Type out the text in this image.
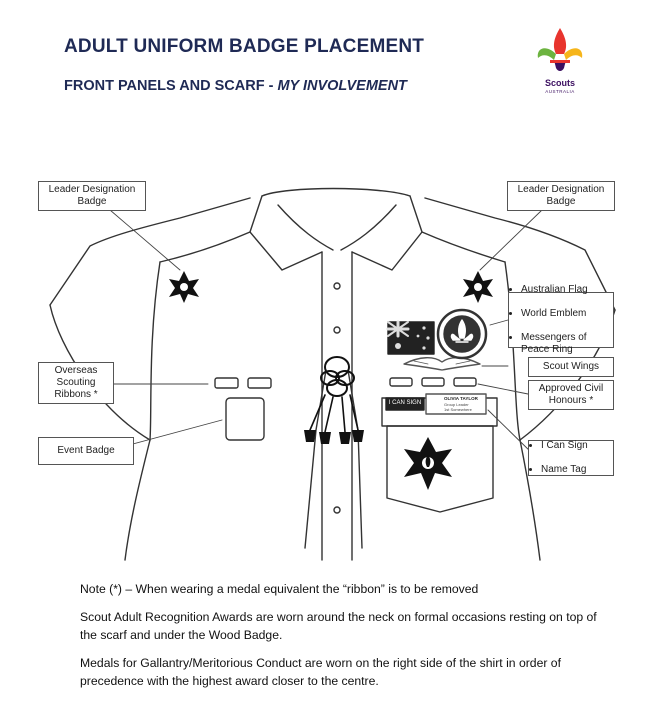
ADULT UNIFORM BADGE PLACEMENT
FRONT PANELS AND SCARF - MY INVOLVEMENT	Scouts
AUSTRALIA
I CAN SIGN
OLIVIA TAYLOR
Group Leader
1st Somewhere
Leader Designation
Badge
Leader Designation
Badge
Overseas
Scouting
Ribbons *
Event Badge

• Australian Flag

• World Emblem

• Messengers of
Peace Ring

Scout Wings
Approved Civil
Honours *

• I Can Sign

• Name Tag

Note (*) – When wearing a medal equivalent the “ribbon” is to be removed

Scout Adult Recognition Awards are worn around the neck on formal occasions resting on top of the scarf and under the Wood Badge.

Medals for Gallantry/Meritorious Conduct are worn on the right side of the shirt in order of precedence with the highest award closer to the centre.
